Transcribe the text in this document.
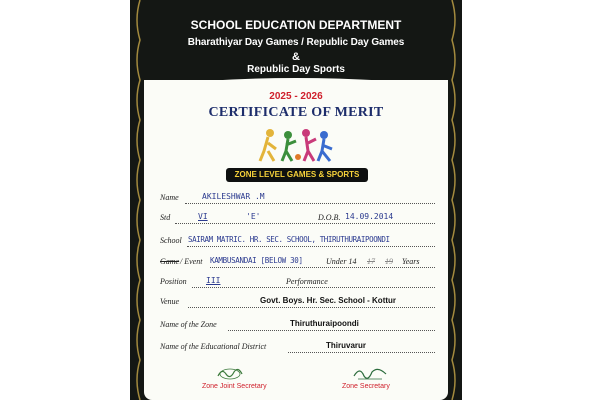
SCHOOL EDUCATION DEPARTMENT
Bharathiyar Day Games / Republic Day Games
&
Republic Day Sports
2025 - 2026
CERTIFICATE OF MERIT
ZONE LEVEL GAMES & SPORTS
Name	AKILESHWAR .M
Std	VI	'E'	D.O.B. 14.09.2014
School SAIRAM MATRIC. HR. SEC. SCHOOL, THIRUTHURAIPOONDI
Game / Event KAMBUSANDAI [BELOW 30]	Under 14 17 19 Years
Position III	Performance
Venue	Govt. Boys. Hr. Sec. School - Kottur
Name of the Zone	Thiruthuraipoondi
Name of the Educational District	Thiruvarur
Zone Joint Secretary	Zone Secretary
